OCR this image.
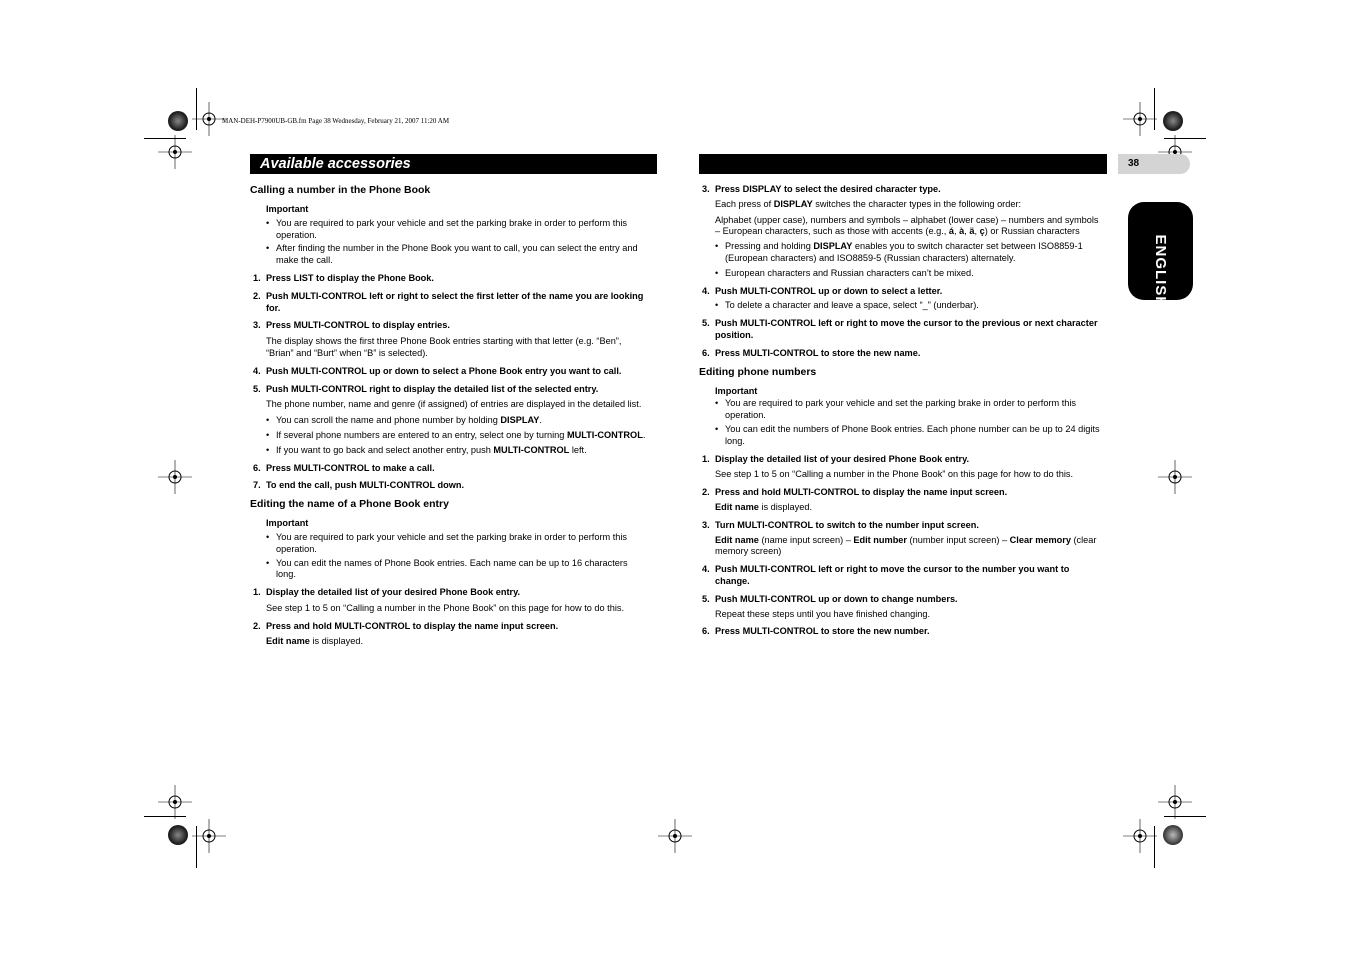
MAN-DEH-P7900UB-GB.fm Page 38 Wednesday, February 21, 2007 11:20 AM
Available accessories	38
ENGLISH

Calling a number in the Phone Book

Important

• You are required to park your vehicle and set the parking brake in order to perform this operation.

• After finding the number in the Phone Book you want to call, you can select the entry and make the call.

1. Press LIST to display the Phone Book.

2. Push MULTI-CONTROL left or right to select the first letter of the name you are looking for.

3. Press MULTI-CONTROL to display entries.

The display shows the first three Phone Book entries starting with that letter (e.g. “Ben”, “Brian” and “Burt” when “B” is selected).

4. Push MULTI-CONTROL up or down to select a Phone Book entry you want to call.

5. Push MULTI-CONTROL right to display the detailed list of the selected entry.

The phone number, name and genre (if assigned) of entries are displayed in the detailed list.

• You can scroll the name and phone number by holding DISPLAY.

• If several phone numbers are entered to an entry, select one by turning MULTI-CONTROL.

• If you want to go back and select another entry, push MULTI-CONTROL left.

6. Press MULTI-CONTROL to make a call.

7. To end the call, push MULTI-CONTROL down.

Editing the name of a Phone Book entry

Important

• You are required to park your vehicle and set the parking brake in order to perform this operation.

• You can edit the names of Phone Book entries. Each name can be up to 16 characters long.

1. Display the detailed list of your desired Phone Book entry.

See step 1 to 5 on “Calling a number in the Phone Book” on this page for how to do this.

2. Press and hold MULTI-CONTROL to display the name input screen.

Edit name is displayed.

3. Press DISPLAY to select the desired character type.

Each press of DISPLAY switches the character types in the following order:

Alphabet (upper case), numbers and symbols – alphabet (lower case) – numbers and symbols – European characters, such as those with accents (e.g., á, à, ä, ç) or Russian characters

• Pressing and holding DISPLAY enables you to switch character set between ISO8859-1 (European characters) and ISO8859-5 (Russian characters) alternately.

• European characters and Russian characters can’t be mixed.

4. Push MULTI-CONTROL up or down to select a letter.

• To delete a character and leave a space, select “_” (underbar).

5. Push MULTI-CONTROL left or right to move the cursor to the previous or next character position.

6. Press MULTI-CONTROL to store the new name.

Editing phone numbers

Important

• You are required to park your vehicle and set the parking brake in order to perform this operation.

• You can edit the numbers of Phone Book entries. Each phone number can be up to 24 digits long.

1. Display the detailed list of your desired Phone Book entry.

See step 1 to 5 on “Calling a number in the Phone Book” on this page for how to do this.

2. Press and hold MULTI-CONTROL to display the name input screen.

Edit name is displayed.

3. Turn MULTI-CONTROL to switch to the number input screen.

Edit name (name input screen) – Edit number (number input screen) – Clear memory (clear memory screen)

4. Push MULTI-CONTROL left or right to move the cursor to the number you want to change.

5. Push MULTI-CONTROL up or down to change numbers.

Repeat these steps until you have finished changing.

6. Press MULTI-CONTROL to store the new number.
